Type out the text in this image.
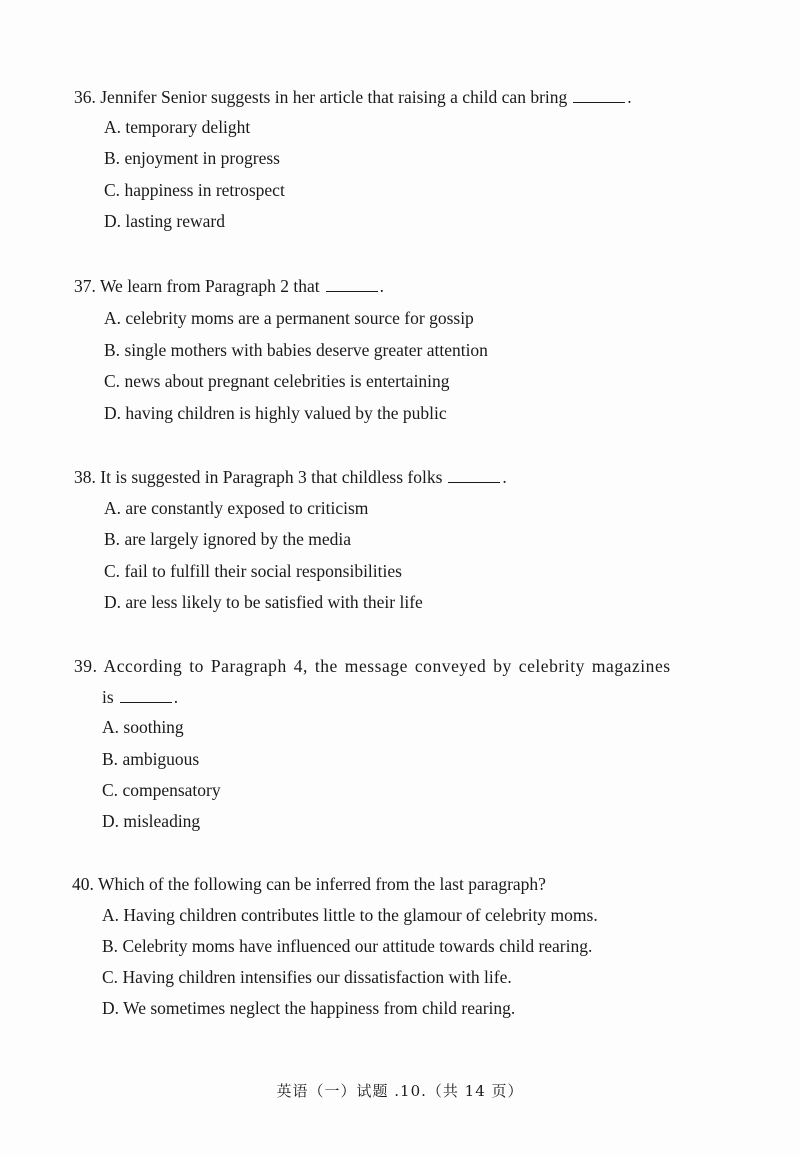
36. Jennifer Senior suggests in her article that raising a child can bring	.
A. temporary delight
B. enjoyment in progress
C. happiness in retrospect
D. lasting reward
37. We learn from Paragraph 2 that	.
A. celebrity moms are a permanent source for gossip
B. single mothers with babies deserve greater attention
C. news about pregnant celebrities is entertaining
D. having children is highly valued by the public
38. It is suggested in Paragraph 3 that childless folks	.
A. are constantly exposed to criticism
B. are largely ignored by the media
C. fail to fulfill their social responsibilities
D. are less likely to be satisfied with their life
39. According to Paragraph 4, the message conveyed by celebrity magazines
is	.
A. soothing
B. ambiguous
C. compensatory
D. misleading
40. Which of the following can be inferred from the last paragraph?
A. Having children contributes little to the glamour of celebrity moms.
B. Celebrity moms have influenced our attitude towards child rearing.
C. Having children intensifies our dissatisfaction with life.
D. We sometimes neglect the happiness from child rearing.
英语（一）试题 .10.（共 14 页）
